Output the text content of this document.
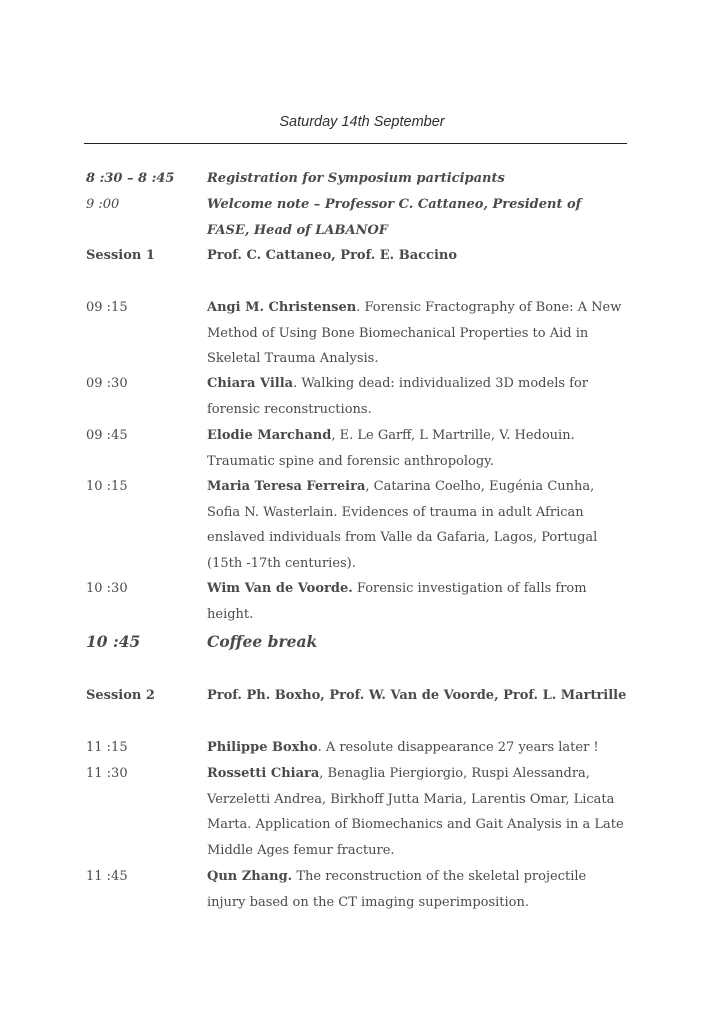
Saturday 14th September
8 :30 – 8 :45	Registration for Symposium participants
9 :00	Welcome note – Professor C. Cattaneo, President of FASE, Head of LABANOF
Session 1	Prof. C. Cattaneo, Prof. E. Baccino
09 :15	Angi M. Christensen. Forensic Fractography of Bone: A New Method of Using Bone Biomechanical Properties to Aid in Skeletal Trauma Analysis.
09 :30	Chiara Villa. Walking dead: individualized 3D models for forensic reconstructions.
09 :45	Elodie Marchand, E. Le Garff, L Martrille, V. Hedouin. Traumatic spine and forensic anthropology.
10 :15	Maria Teresa Ferreira, Catarina Coelho, Eugénia Cunha, Sofia N. Wasterlain. Evidences of trauma in adult African enslaved individuals from Valle da Gafaria, Lagos, Portugal (15th -17th centuries).
10 :30	Wim Van de Voorde. Forensic investigation of falls from height.
10 :45	Coffee break
Session 2	Prof. Ph. Boxho, Prof. W. Van de Voorde, Prof. L. Martrille
11 :15	Philippe Boxho. A resolute disappearance 27 years later !
11 :30	Rossetti Chiara, Benaglia Piergiorgio, Ruspi Alessandra, Verzeletti Andrea, Birkhoff Jutta Maria, Larentis Omar, Licata Marta. Application of Biomechanics and Gait Analysis in a Late Middle Ages femur fracture.
11 :45	Qun Zhang. The reconstruction of the skeletal projectile injury based on the CT imaging superimposition.
